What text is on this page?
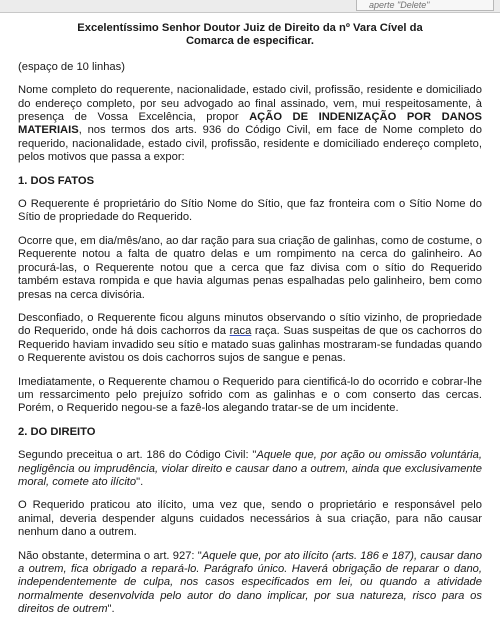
aperte "Delete"
Excelentíssimo Senhor Doutor Juiz de Direito da nº Vara Cível da Comarca de especificar.

(espaço de 10 linhas)

Nome completo do requerente, nacionalidade, estado civil, profissão, residente e domiciliado do endereço completo, por seu advogado ao final assinado, vem, mui respeitosamente, à presença de Vossa Excelência, propor AÇÃO DE INDENIZAÇÃO POR DANOS MATERIAIS, nos termos dos arts. 936 do Código Civil, em face de Nome completo do requerido, nacionalidade, estado civil, profissão, residente e domiciliado endereço completo, pelos motivos que passa a expor:

1. DOS FATOS

O Requerente é proprietário do Sítio Nome do Sítio, que faz fronteira com o Sítio Nome do Sítio de propriedade do Requerido.

Ocorre que, em dia/mês/ano, ao dar ração para sua criação de galinhas, como de costume, o Requerente notou a falta de quatro delas e um rompimento na cerca do galinheiro. Ao procurá-las, o Requerente notou que a cerca que faz divisa com o sítio do Requerido também estava rompida e que havia algumas penas espalhadas pelo galinheiro, bem como presas na cerca divisória.

Desconfiado, o Requerente ficou alguns minutos observando o sítio vizinho, de propriedade do Requerido, onde há dois cachorros da raca raça. Suas suspeitas de que os cachorros do Requerido haviam invadido seu sítio e matado suas galinhas mostraram-se fundadas quando o Requerente avistou os dois cachorros sujos de sangue e penas.

Imediatamente, o Requerente chamou o Requerido para cientificá-lo do ocorrido e cobrar-lhe um ressarcimento pelo prejuízo sofrido com as galinhas e o com conserto das cercas. Porém, o Requerido negou-se a fazê-los alegando tratar-se de um incidente.

2. DO DIREITO

Segundo preceitua o art. 186 do Código Civil: "Aquele que, por ação ou omissão voluntária, negligência ou imprudência, violar direito e causar dano a outrem, ainda que exclusivamente moral, comete ato ilícito".

O Requerido praticou ato ilícito, uma vez que, sendo o proprietário e responsável pelo animal, deveria despender alguns cuidados necessários à sua criação, para não causar nenhum dano a outrem.

Não obstante, determina o art. 927: "Aquele que, por ato ilícito (arts. 186 e 187), causar dano a outrem, fica obrigado a repará-lo. Parágrafo único. Haverá obrigação de reparar o dano, independentemente de culpa, nos casos especificados em lei, ou quando a atividade normalmente desenvolvida pelo autor do dano implicar, por sua natureza, risco para os direitos de outrem".
